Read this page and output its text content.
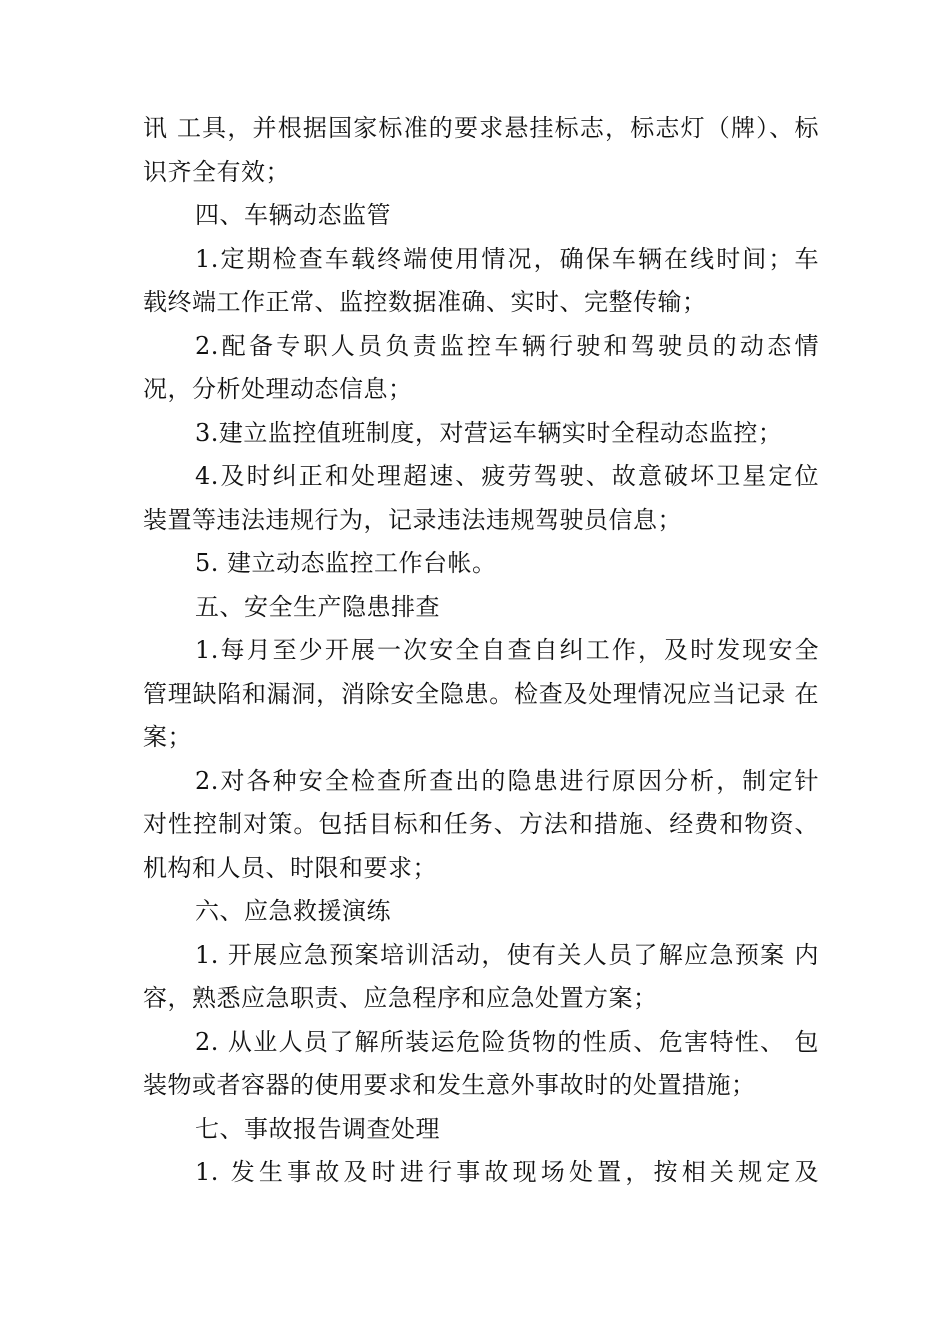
讯 工具，并根据国家标准的要求悬挂标志，标志灯（牌）、标
识齐全有效；
四、车辆动态监管
1.定期检查车载终端使用情况，确保车辆在线时间；车
载终端工作正常、监控数据准确、实时、完整传输；
2.配备专职人员负责监控车辆行驶和驾驶员的动态情
况，分析处理动态信息；
3.建立监控值班制度，对营运车辆实时全程动态监控；
4.及时纠正和处理超速、疲劳驾驶、故意破坏卫星定位
装置等违法违规行为，记录违法违规驾驶员信息；
5. 建立动态监控工作台帐。
五、安全生产隐患排查
1.每月至少开展一次安全自查自纠工作，及时发现安全
管理缺陷和漏洞，消除安全隐患。检查及处理情况应当记录 在
案；
2.对各种安全检查所查出的隐患进行原因分析，制定针
对性控制对策。包括目标和任务、方法和措施、经费和物资、
机构和人员、时限和要求；
六、应急救援演练
1. 开展应急预案培训活动，使有关人员了解应急预案 内
容，熟悉应急职责、应急程序和应急处置方案；
2. 从业人员了解所装运危险货物的性质、危害特性、 包
装物或者容器的使用要求和发生意外事故时的处置措施；
七、事故报告调查处理
1. 发生事故及时进行事故现场处置，按相关规定及
